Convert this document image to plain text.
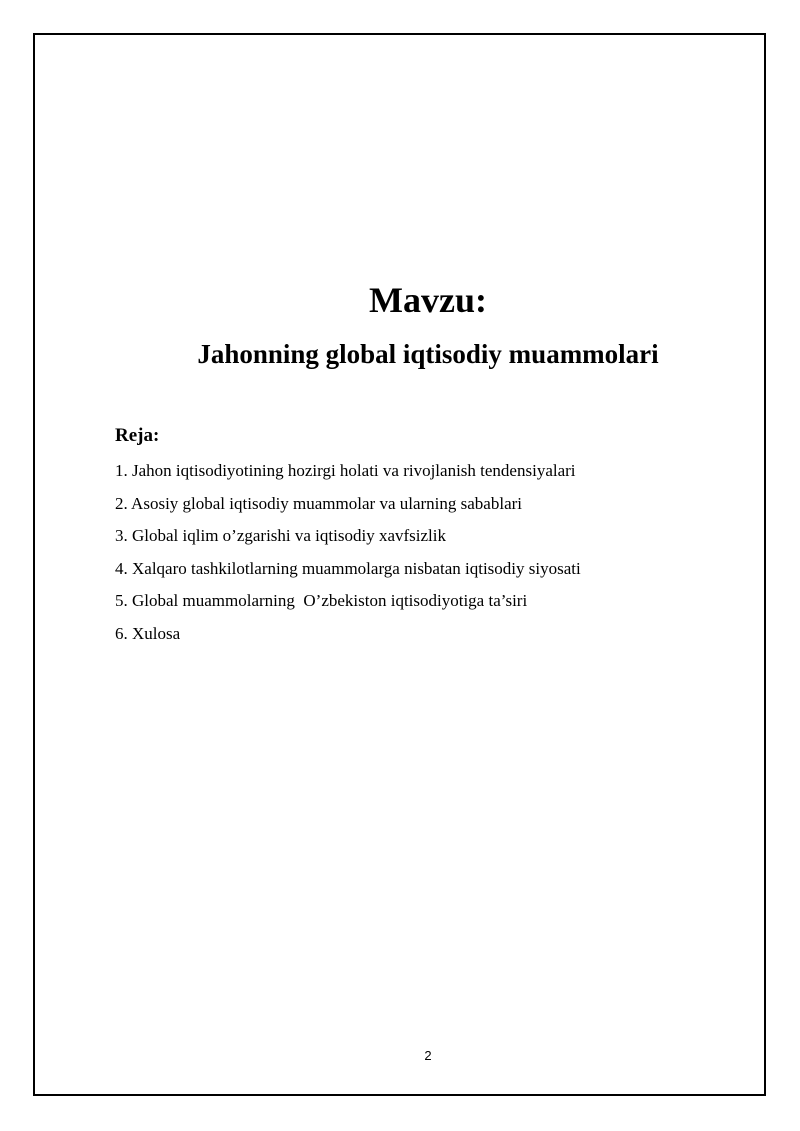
Mavzu:
Jahonning global iqtisodiy muammolari
Reja:
1. Jahon iqtisodiyotining hozirgi holati va rivojlanish tendensiyalari
2. Asosiy global iqtisodiy muammolar va ularning sabablari
3. Global iqlim o’zgarishi va iqtisodiy xavfsizlik
4. Xalqaro tashkilotlarning muammolarga nisbatan iqtisodiy siyosati
5. Global muammolarning  O’zbekiston iqtisodiyotiga ta’siri
6. Xulosa
2
